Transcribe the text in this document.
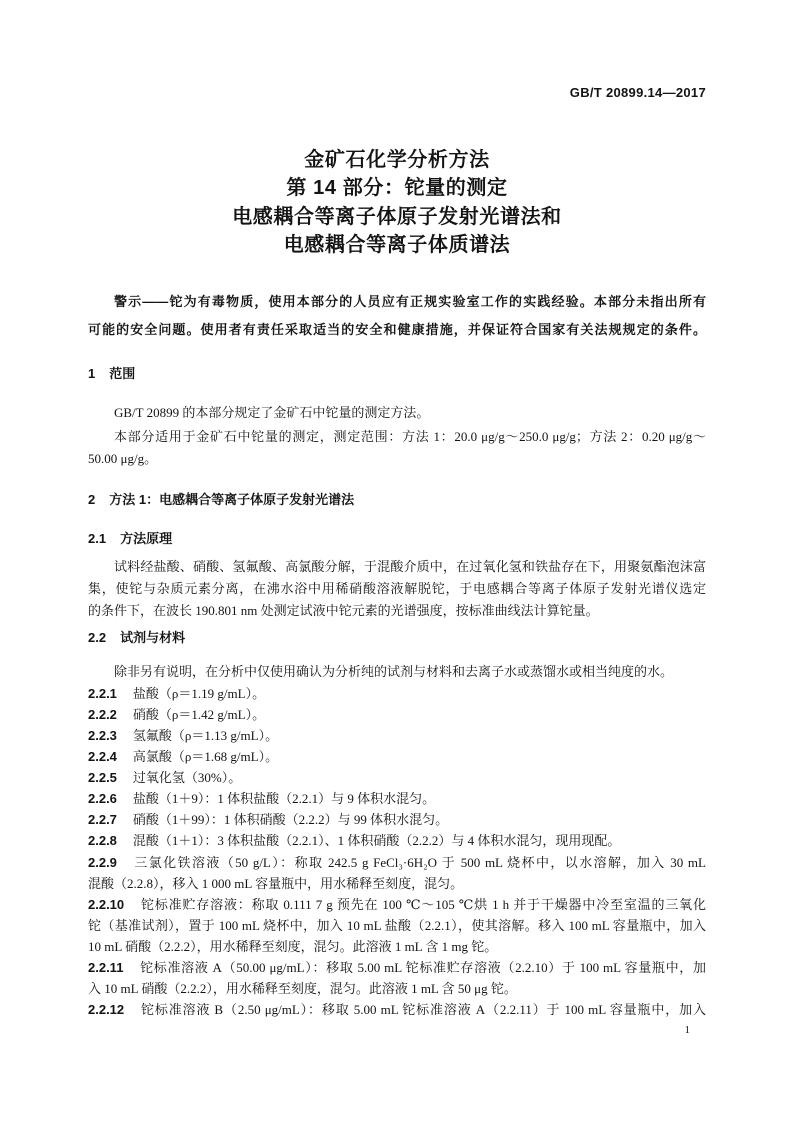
GB/T 20899.14—2017
金矿石化学分析方法
第 14 部分：铊量的测定
电感耦合等离子体原子发射光谱法和
电感耦合等离子体质谱法
警示——铊为有毒物质，使用本部分的人员应有正规实验室工作的实践经验。本部分未指出所有
可能的安全问题。使用者有责任采取适当的安全和健康措施，并保证符合国家有关法规规定的条件。
1 范围
GB/T 20899 的本部分规定了金矿石中铊量的测定方法。
本部分适用于金矿石中铊量的测定，测定范围：方法 1：20.0 μg/g～250.0 μg/g；方法 2：0.20 μg/g～
50.00 μg/g。
2 方法 1：电感耦合等离子体原子发射光谱法
2.1 方法原理
试料经盐酸、硝酸、氢氟酸、高氯酸分解，于混酸介质中，在过氧化氢和铁盐存在下，用聚氨酯泡沫富
集，使铊与杂质元素分离，在沸水浴中用稀硝酸溶液解脱铊，于电感耦合等离子体原子发射光谱仪选定
的条件下，在波长 190.801 nm 处测定试液中铊元素的光谱强度，按标准曲线法计算铊量。
2.2 试剂与材料
除非另有说明，在分析中仅使用确认为分析纯的试剂与材料和去离子水或蒸馏水或相当纯度的水。
2.2.1 盐酸（ρ＝1.19 g/mL）。
2.2.2 硝酸（ρ＝1.42 g/mL）。
2.2.3 氢氟酸（ρ＝1.13 g/mL）。
2.2.4 高氯酸（ρ＝1.68 g/mL）。
2.2.5 过氧化氢（30%）。
2.2.6 盐酸（1＋9）：1 体积盐酸（2.2.1）与 9 体积水混匀。
2.2.7 硝酸（1＋99）：1 体积硝酸（2.2.2）与 99 体积水混匀。
2.2.8 混酸（1＋1）：3 体积盐酸（2.2.1）、1 体积硝酸（2.2.2）与 4 体积水混匀，现用现配。
2.2.9 三氯化铁溶液（50 g/L）：称取 242.5 g FeCl₃·6H₂O 于 500 mL 烧杯中，以水溶解，加入 30 mL
混酸（2.2.8），移入 1 000 mL 容量瓶中，用水稀释至刻度，混匀。
2.2.10 铊标准贮存溶液：称取 0.111 7 g 预先在 100 ℃～105 ℃烘 1 h 并于干燥器中冷至室温的三氧化
铊（基准试剂），置于 100 mL 烧杯中，加入 10 mL 盐酸（2.2.1），使其溶解。移入 100 mL 容量瓶中，加入
10 mL 硝酸（2.2.2），用水稀释至刻度，混匀。此溶液 1 mL 含 1 mg 铊。
2.2.11 铊标准溶液 A（50.00 μg/mL）：移取 5.00 mL 铊标准贮存溶液（2.2.10）于 100 mL 容量瓶中，加
入 10 mL 硝酸（2.2.2），用水稀释至刻度，混匀。此溶液 1 mL 含 50 μg 铊。
2.2.12 铊标准溶液 B（2.50 μg/mL）：移取 5.00 mL 铊标准溶液 A（2.2.11）于 100 mL 容量瓶中，加入
1
